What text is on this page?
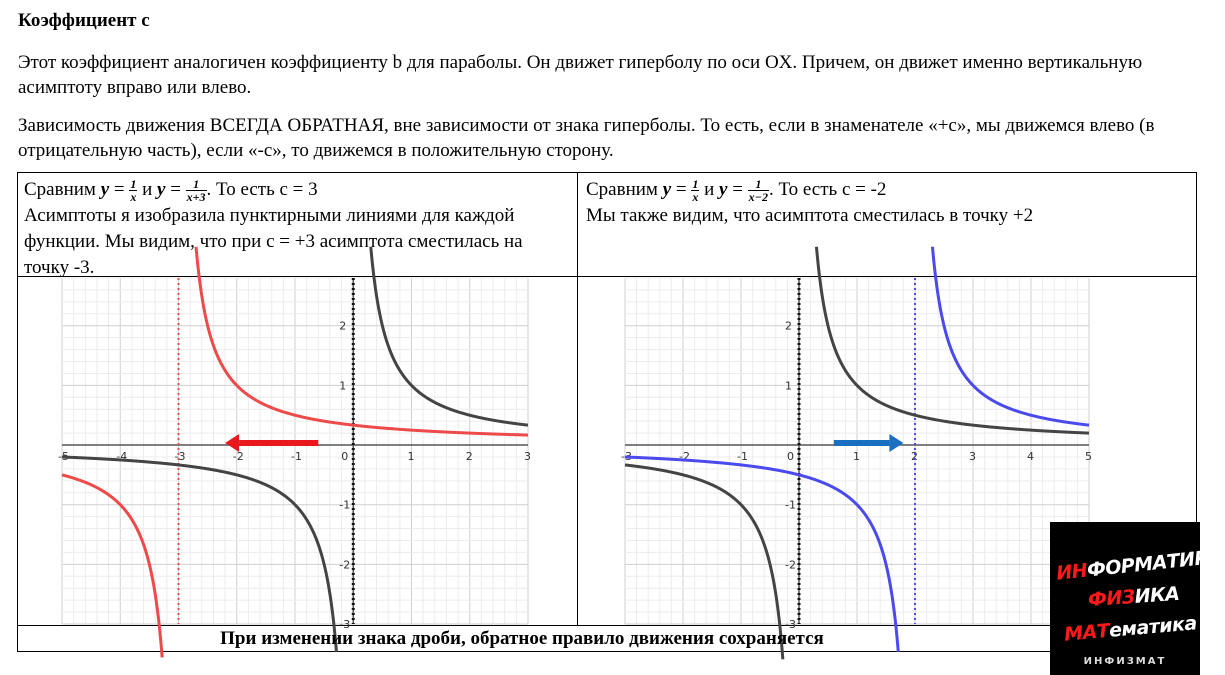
Коэффициент с
Этот коэффициент аналогичен коэффициенту b для параболы. Он движет гиперболу по оси OX. Причем, он движет именно вертикальную асимптоту вправо или влево.
Зависимость движения ВСЕГДА ОБРАТНАЯ, вне зависимости от знака гиперболы. То есть, если в знаменателе «+с», мы движемся влево (в отрицательную часть), если «-с», то движемся в положительную сторону.
Сравним $y = \frac{1}{x}$ и $y = \frac{1}{x+3}$ . То есть с = 3
Асимптоты я изобразила пунктирными линиями для каждой функции. Мы видим, что при с = +3 асимптота сместилась на точку -3.
Сравним $y = \frac{1}{x}$ и $y = \frac{1}{x-2}$ . То есть с = -2
Мы также видим, что асимптота сместилась в точку +2
-5	-4	-3	-2	-1	0	1	2	3
-3
-2
-1
1
2
-3	-2	-1	0	1	2	3	4	5
-3
-2
-1
1
2
При изменении знака дроби, обратное правило движения сохраняется
ИНФОРМАТИКА
ФИЗИКА
МАТематика
ИНФИЗМАТ
